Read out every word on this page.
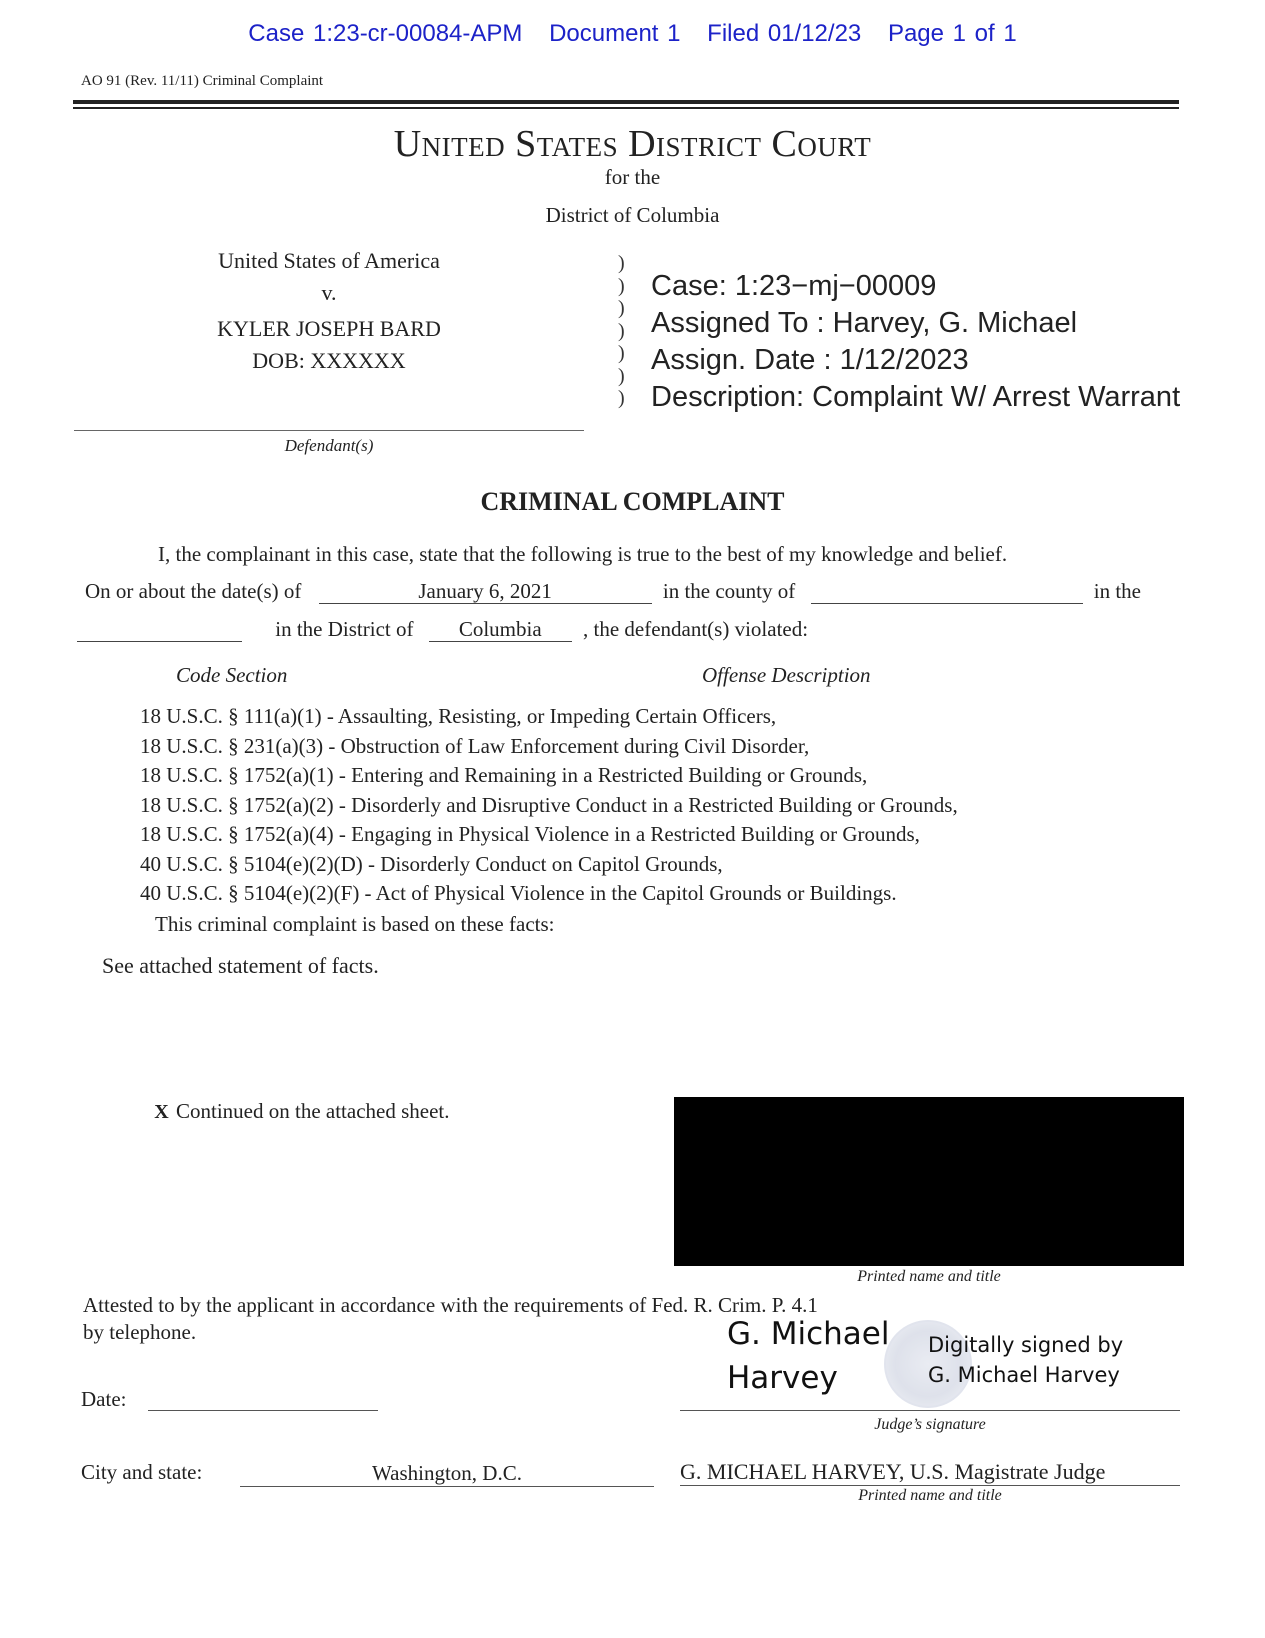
Case 1:23-cr-00084-APM Document 1 Filed 01/12/23 Page 1 of 1
AO 91 (Rev. 11/11) Criminal Complaint
United States District Court
for the
District of Columbia
United States of America
v.
KYLER JOSEPH BARD
DOB: XXXXXX
Defendant(s)
)
)
)
)
)
)
)
Case: 1:23−mj−00009
Assigned To : Harvey, G. Michael
Assign. Date : 1/12/2023
Description: Complaint W/ Arrest Warrant
CRIMINAL COMPLAINT
I, the complainant in this case, state that the following is true to the best of my knowledge and belief.
On or about the date(s) of	January 6, 2021	in the county of	in the
in the District of Columbia , the defendant(s) violated:
Code Section	Offense Description
18 U.S.C. § 111(a)(1) - Assaulting, Resisting, or Impeding Certain Officers,
18 U.S.C. § 231(a)(3) - Obstruction of Law Enforcement during Civil Disorder,
18 U.S.C. § 1752(a)(1) - Entering and Remaining in a Restricted Building or Grounds,
18 U.S.C. § 1752(a)(2) - Disorderly and Disruptive Conduct in a Restricted Building or Grounds,
18 U.S.C. § 1752(a)(4) - Engaging in Physical Violence in a Restricted Building or Grounds,
40 U.S.C. § 5104(e)(2)(D) - Disorderly Conduct on Capitol Grounds,
40 U.S.C. § 5104(e)(2)(F) - Act of Physical Violence in the Capitol Grounds or Buildings.
This criminal complaint is based on these facts:
See attached statement of facts.
X Continued on the attached sheet.
Printed name and title
Attested to by the applicant in accordance with the requirements of Fed. R. Crim. P. 4.1
by telephone.	G. Michael
Harvey
Digitally signed by
G. Michael Harvey
Judge’s signature
Date:
City and state:	Washington, D.C.	G. MICHAEL HARVEY, U.S. Magistrate Judge
Printed name and title
